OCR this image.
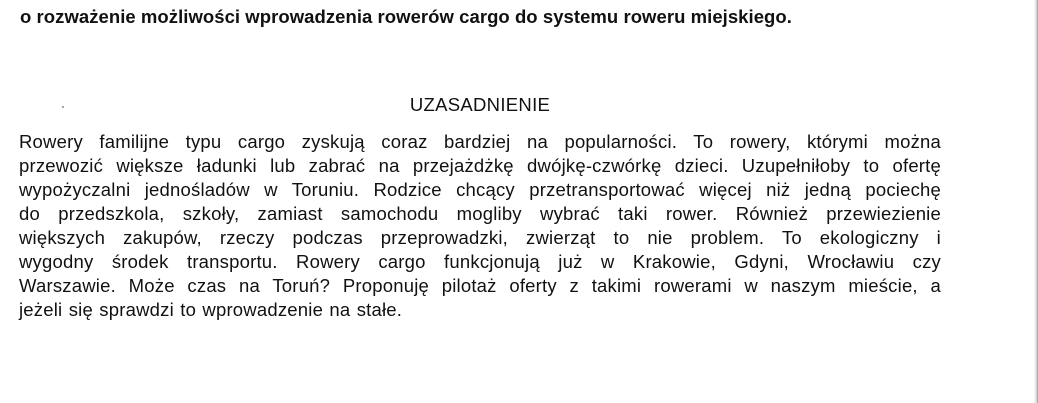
o rozważenie możliwości wprowadzenia rowerów cargo do systemu roweru miejskiego.

UZASADNIENIE

Rowery familijne typu cargo zyskują coraz bardziej na popularności. To rowery, którymi można
przewozić większe ładunki lub zabrać na przejażdżkę dwójkę-czwórkę dzieci. Uzupełniłoby to ofertę
wypożyczalni jednośladów w Toruniu. Rodzice chcący przetransportować więcej niż jedną pociechę
do przedszkola, szkoły, zamiast samochodu mogliby wybrać taki rower. Również przewiezienie
większych zakupów, rzeczy podczas przeprowadzki, zwierząt to nie problem. To ekologiczny i
wygodny środek transportu. Rowery cargo funkcjonują już w Krakowie, Gdyni, Wrocławiu czy
Warszawie. Może czas na Toruń? Proponuję pilotaż oferty z takimi rowerami w naszym mieście, a
jeżeli się sprawdzi to wprowadzenie na stałe.
